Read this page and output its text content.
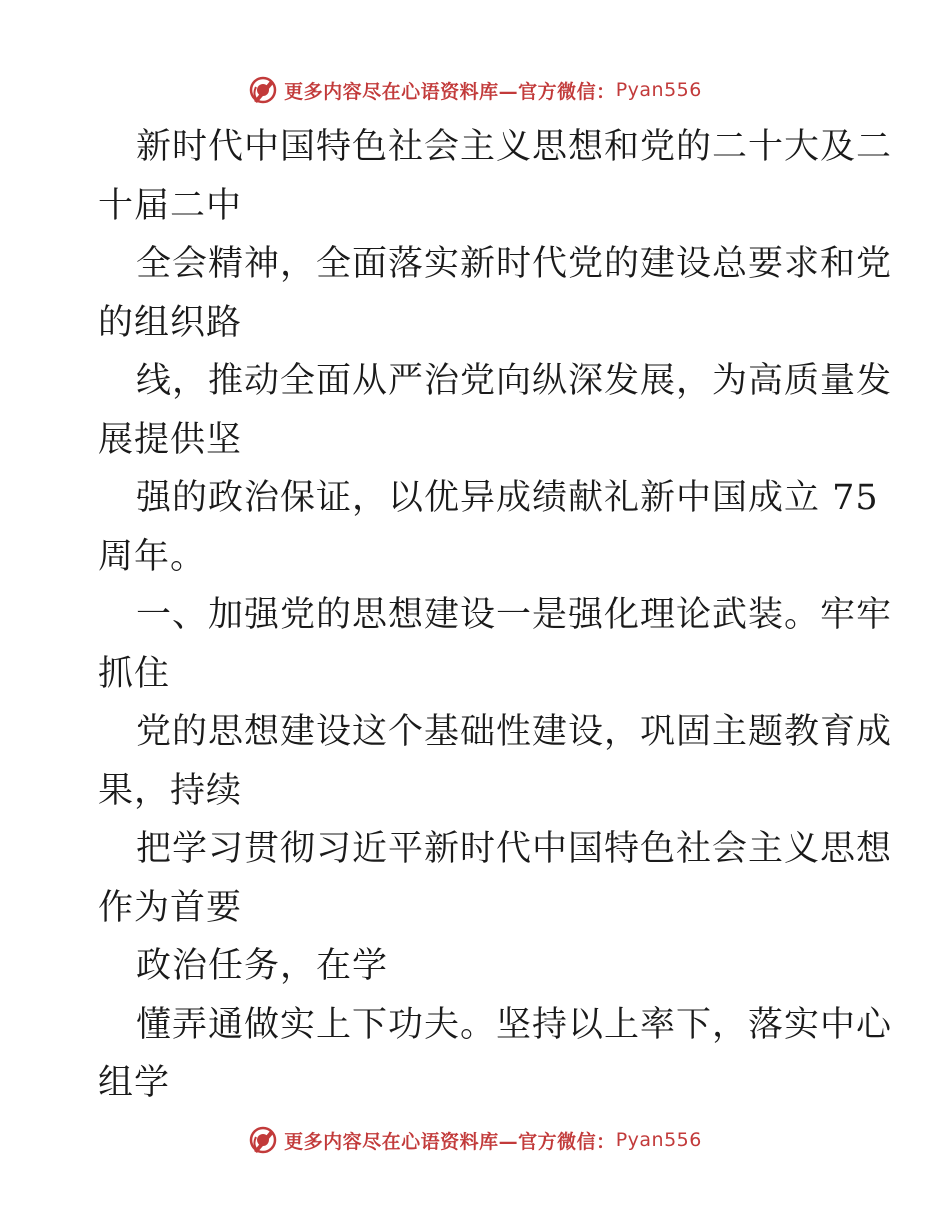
更多内容尽在心语资料库— 官方微信： Pyan556
新时代中国特色社会主义思想和党的二十大及二
十届二中
全会精神，全面落实新时代党的建设总要求和党
的组织路
线，推动全面从严治党向纵深发展，为高质量发
展提供坚
强的政治保证，以优异成绩献礼新中国成立 75
周年。
一、加强党的思想建设一是强化理论武装。牢牢
抓住
党的思想建设这个基础性建设，巩固主题教育成
果，持续
把学习贯彻习近平新时代中国特色社会主义思想
作为首要
政治任务，在学
懂弄通做实上下功夫。坚持以上率下，落实中心
组学
更多内容尽在心语资料库— 官方微信： Pyan556
